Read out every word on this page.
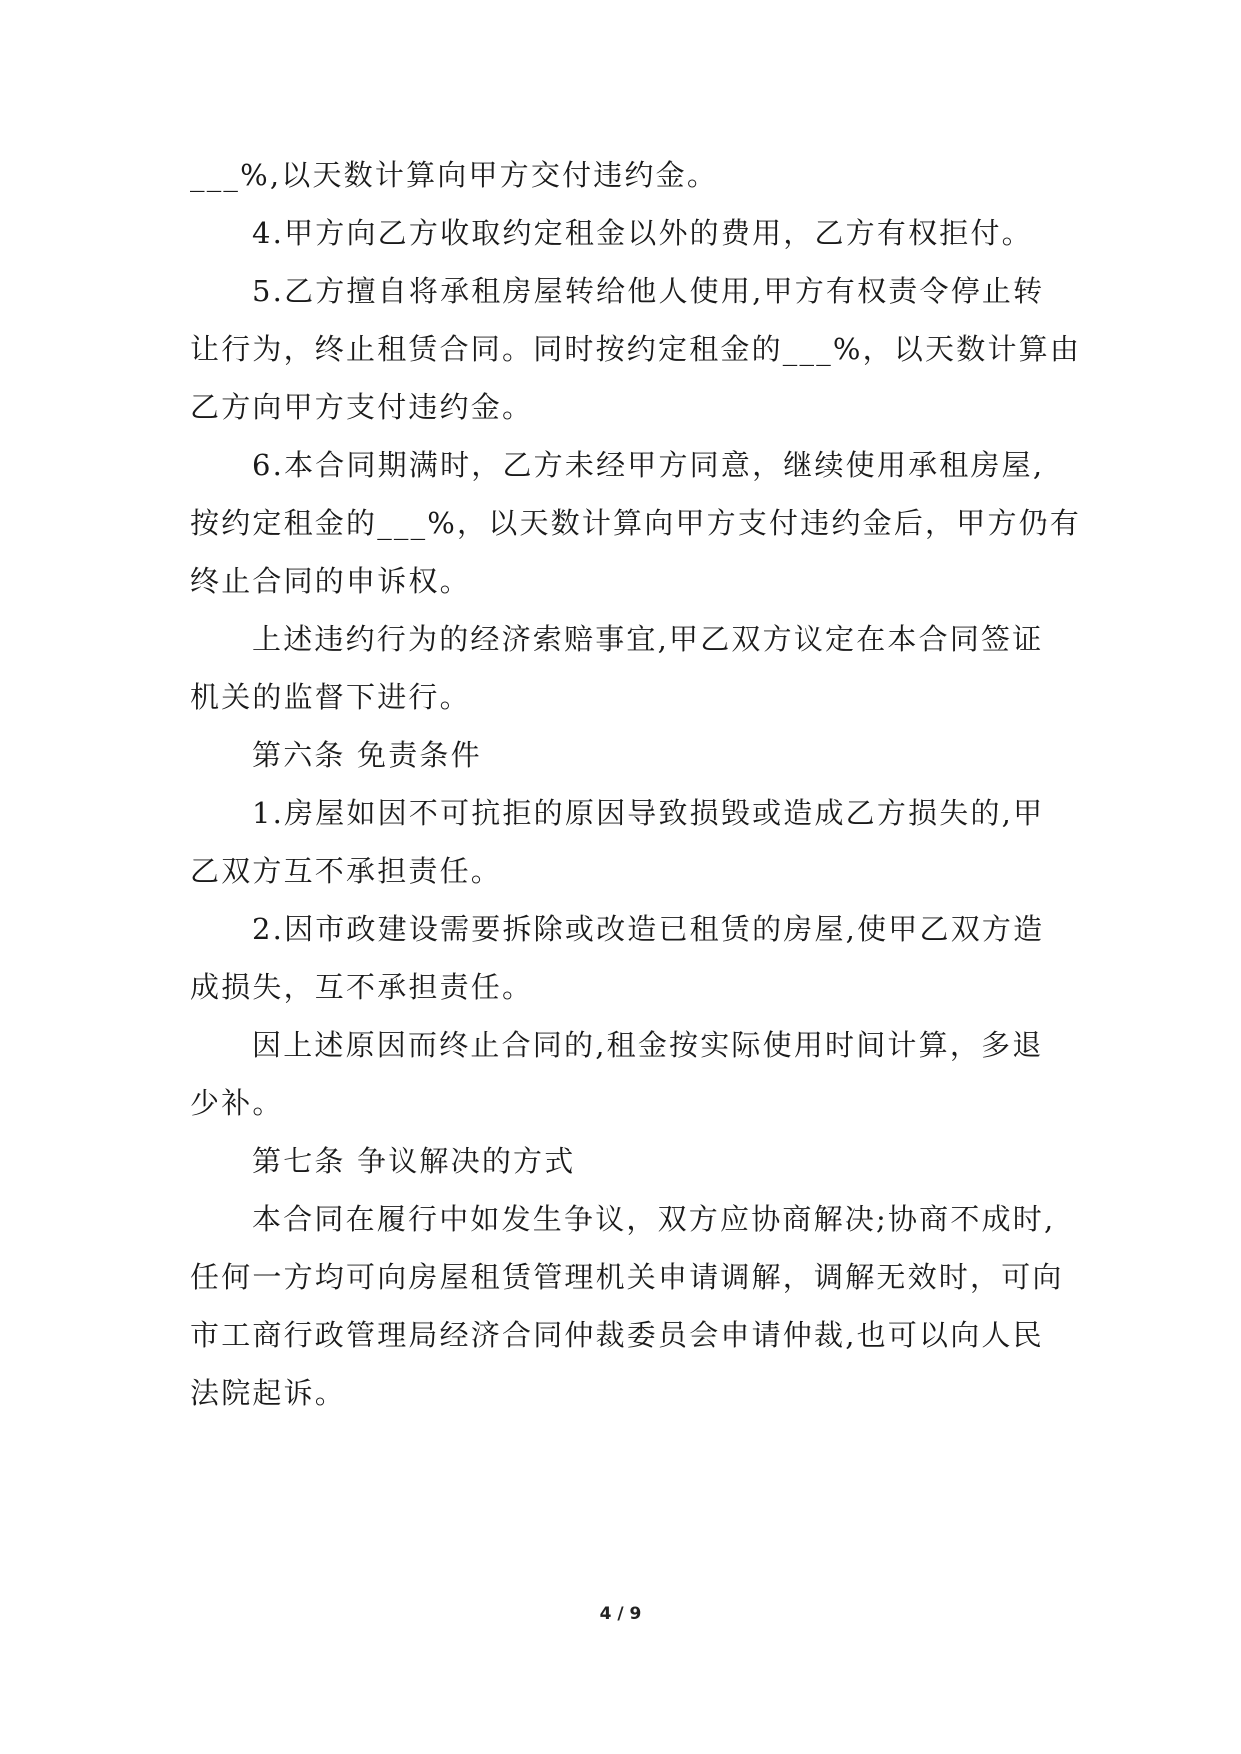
___%,以天数计算向甲方交付违约金。
4.甲方向乙方收取约定租金以外的费用，乙方有权拒付。
5.乙方擅自将承租房屋转给他人使用,甲方有权责令停止转
让行为，终止租赁合同。同时按约定租金的___%，以天数计算由
乙方向甲方支付违约金。
6.本合同期满时，乙方未经甲方同意，继续使用承租房屋,
按约定租金的___%，以天数计算向甲方支付违约金后，甲方仍有
终止合同的申诉权。
上述违约行为的经济索赔事宜,甲乙双方议定在本合同签证
机关的监督下进行。
第六条 免责条件
1.房屋如因不可抗拒的原因导致损毁或造成乙方损失的,甲
乙双方互不承担责任。
2.因市政建设需要拆除或改造已租赁的房屋,使甲乙双方造
成损失，互不承担责任。
因上述原因而终止合同的,租金按实际使用时间计算，多退
少补。
第七条 争议解决的方式
本合同在履行中如发生争议，双方应协商解决;协商不成时,
任何一方均可向房屋租赁管理机关申请调解，调解无效时，可向
市工商行政管理局经济合同仲裁委员会申请仲裁,也可以向人民
法院起诉。
4 / 9
